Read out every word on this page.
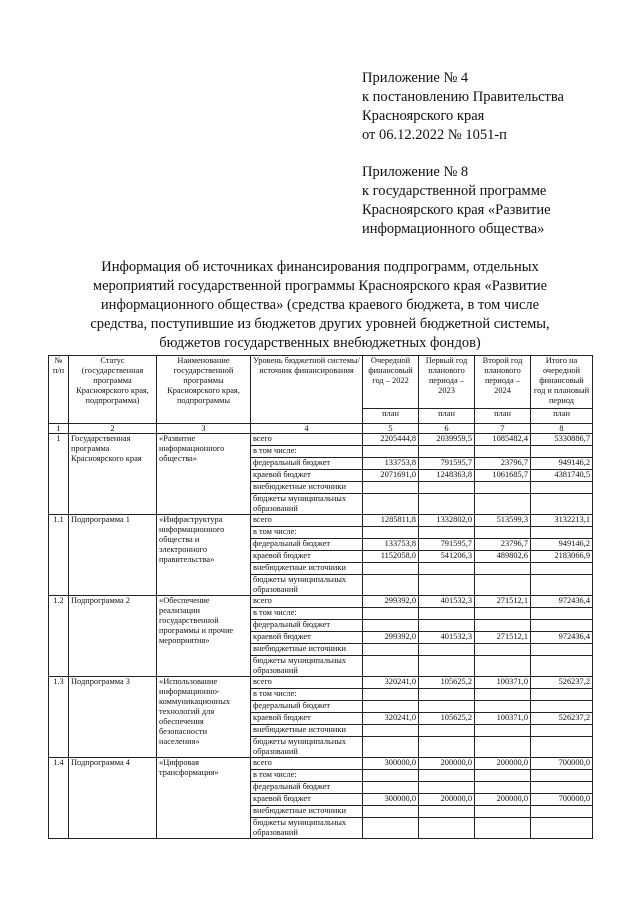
Приложение № 4
к постановлению Правительства
Красноярского края
от 06.12.2022 № 1051-п
Приложение № 8
к государственной программе
Красноярского края «Развитие
информационного общества»
Информация об источниках финансирования подпрограмм, отдельных
мероприятий государственной программы Красноярского края «Развитие
информационного общества» (средства краевого бюджета, в том числе
средства, поступившие из бюджетов других уровней бюджетной системы,
бюджетов государственных внебюджетных фондов)
№ п/п	Статус (государственная программа Красноярского края, подпрограмма)	Наименование государственной программы Красноярского края, подпрограммы	Уровень бюджетной системы/источник финансирования	Очередной финансовый год – 2022	Первый год планового периода – 2023	Второй год планового периода – 2024	Итого на очередной финансовый год и плановый период
				план	план	план	план
1	2	3	4	5	6	7	8
1	Государственная программа Красноярского края	«Развитие информационного общества»	всего	2205444,8	2039959,5	1085482,4	5330886,7
			в том числе:				
			федеральный бюджет	133753,8	791595,7	23796,7	949146,2
			краевой бюджет	2071691,0	1248363,8	1061685,7	4381740,5
			внебюджетные источники				
			бюджеты муниципальных образований				
1.1	Подпрограмма 1	«Инфраструктура информационного общества и электронного правительства»	всего	1285811,8	1332802,0	513599,3	3132213,1
			в том числе:				
			федеральный бюджет	133753,8	791595,7	23796,7	949146,2
			краевой бюджет	1152058,0	541206,3	489802,6	2183066,9
			внебюджетные источники				
			бюджеты муниципальных образований				
1.2	Подпрограмма 2	«Обеспечение реализации государственной программы и прочие мероприятия»	всего	299392,0	401532,3	271512,1	972436,4
			в том числе:				
			федеральный бюджет				
			краевой бюджет	299392,0	401532,3	271512,1	972436,4
			внебюджетные источники				
			бюджеты муниципальных образований				
1.3	Подпрограмма 3	«Использование информационно-коммуникационных технологий для обеспечения безопасности населения»	всего	320241,0	105625,2	100371,0	526237,2
			в том числе:				
			федеральный бюджет				
			краевой бюджет	320241,0	105625,2	100371,0	526237,2
			внебюджетные источники				
			бюджеты муниципальных образований				
1.4	Подпрограмма 4	«Цифровая трансформация»	всего	300000,0	200000,0	200000,0	700000,0
			в том числе:				
			федеральный бюджет				
			краевой бюджет	300000,0	200000,0	200000,0	700000,0
			внебюджетные источники				
			бюджеты муниципальных образований				
